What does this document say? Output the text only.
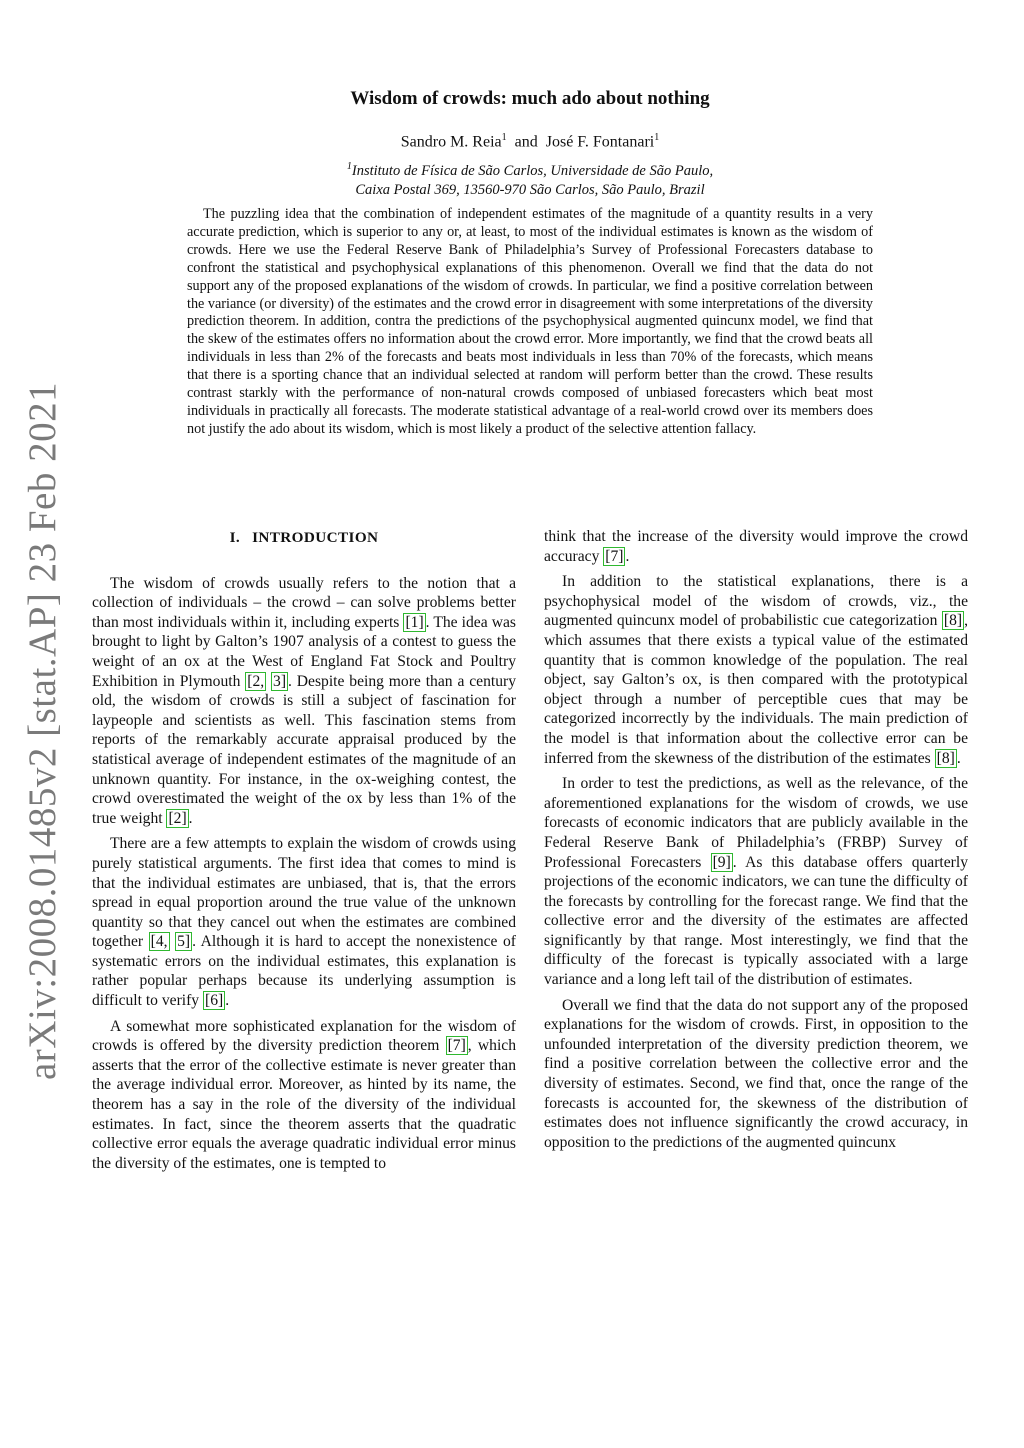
arXiv:2008.01485v2 [stat.AP] 23 Feb 2021
Wisdom of crowds: much ado about nothing
Sandro M. Reia$^1$ and José F. Fontanari$^1$
$^1$Instituto de Física de São Carlos, Universidade de São Paulo,
Caixa Postal 369, 13560-970 São Carlos, São Paulo, Brazil

The puzzling idea that the combination of independent estimates of the magnitude of a quantity results in a very accurate prediction, which is superior to any or, at least, to most of the individual estimates is known as the wisdom of crowds. Here we use the Federal Reserve Bank of Philadelphia’s Survey of Professional Forecasters database to confront the statistical and psychophysical explanations of this phenomenon. Overall we find that the data do not support any of the proposed explanations of the wisdom of crowds. In particular, we find a positive correlation between the variance (or diversity) of the estimates and the crowd error in disagreement with some interpretations of the diversity prediction theorem. In addition, contra the predictions of the psychophysical augmented quincunx model, we find that the skew of the estimates offers no information about the crowd error. More importantly, we find that the crowd beats all individuals in less than 2% of the forecasts and beats most individuals in less than 70% of the forecasts, which means that there is a sporting chance that an individual selected at random will perform better than the crowd. These results contrast starkly with the performance of non-natural crowds composed of unbiased forecasters which beat most individuals in practically all forecasts. The moderate statistical advantage of a real-world crowd over its members does not justify the ado about its wisdom, which is most likely a product of the selective attention fallacy.

I. INTRODUCTION

The wisdom of crowds usually refers to the notion that a collection of individuals – the crowd – can solve problems better than most individuals within it, including experts [1] . The idea was brought to light by Galton’s 1907 analysis of a contest to guess the weight of an ox at the West of England Fat Stock and Poultry Exhibition in Plymouth [2, 3] . Despite being more than a century old, the wisdom of crowds is still a subject of fascination for laypeople and scientists as well. This fascination stems from reports of the remarkably accurate appraisal produced by the statistical average of independent estimates of the magnitude of an unknown quantity. For instance, in the ox-weighing contest, the crowd overestimated the weight of the ox by less than 1% of the true weight [2] .

There are a few attempts to explain the wisdom of crowds using purely statistical arguments. The first idea that comes to mind is that the individual estimates are unbiased, that is, that the errors spread in equal proportion around the true value of the unknown quantity so that they cancel out when the estimates are combined together [4, 5] . Although it is hard to accept the nonexistence of systematic errors on the individual estimates, this explanation is rather popular perhaps because its underlying assumption is difficult to verify [6] .

A somewhat more sophisticated explanation for the wisdom of crowds is offered by the diversity prediction theorem [7] , which asserts that the error of the collective estimate is never greater than the average individual error. Moreover, as hinted by its name, the theorem has a say in the role of the diversity of the individual estimates. In fact, since the theorem asserts that the quadratic collective error equals the average quadratic individual error minus the diversity of the estimates, one is tempted to

think that the increase of the diversity would improve the crowd accuracy [7] .

In addition to the statistical explanations, there is a psychophysical model of the wisdom of crowds, viz., the augmented quincunx model of probabilistic cue categorization [8] , which assumes that there exists a typical value of the estimated quantity that is common knowledge of the population. The real object, say Galton’s ox, is then compared with the prototypical object through a number of perceptible cues that may be categorized incorrectly by the individuals. The main prediction of the model is that information about the collective error can be inferred from the skewness of the distribution of the estimates [8] .

In order to test the predictions, as well as the relevance, of the aforementioned explanations for the wisdom of crowds, we use forecasts of economic indicators that are publicly available in the Federal Reserve Bank of Philadelphia’s (FRBP) Survey of Professional Forecasters [9] . As this database offers quarterly projections of the economic indicators, we can tune the difficulty of the forecasts by controlling for the forecast range. We find that the collective error and the diversity of the estimates are affected significantly by that range. Most interestingly, we find that the difficulty of the forecast is typically associated with a large variance and a long left tail of the distribution of estimates.

Overall we find that the data do not support any of the proposed explanations for the wisdom of crowds. First, in opposition to the unfounded interpretation of the diversity prediction theorem, we find a positive correlation between the collective error and the diversity of estimates. Second, we find that, once the range of the forecasts is accounted for, the skewness of the distribution of estimates does not influence significantly the crowd accuracy, in opposition to the predictions of the augmented quincunx
